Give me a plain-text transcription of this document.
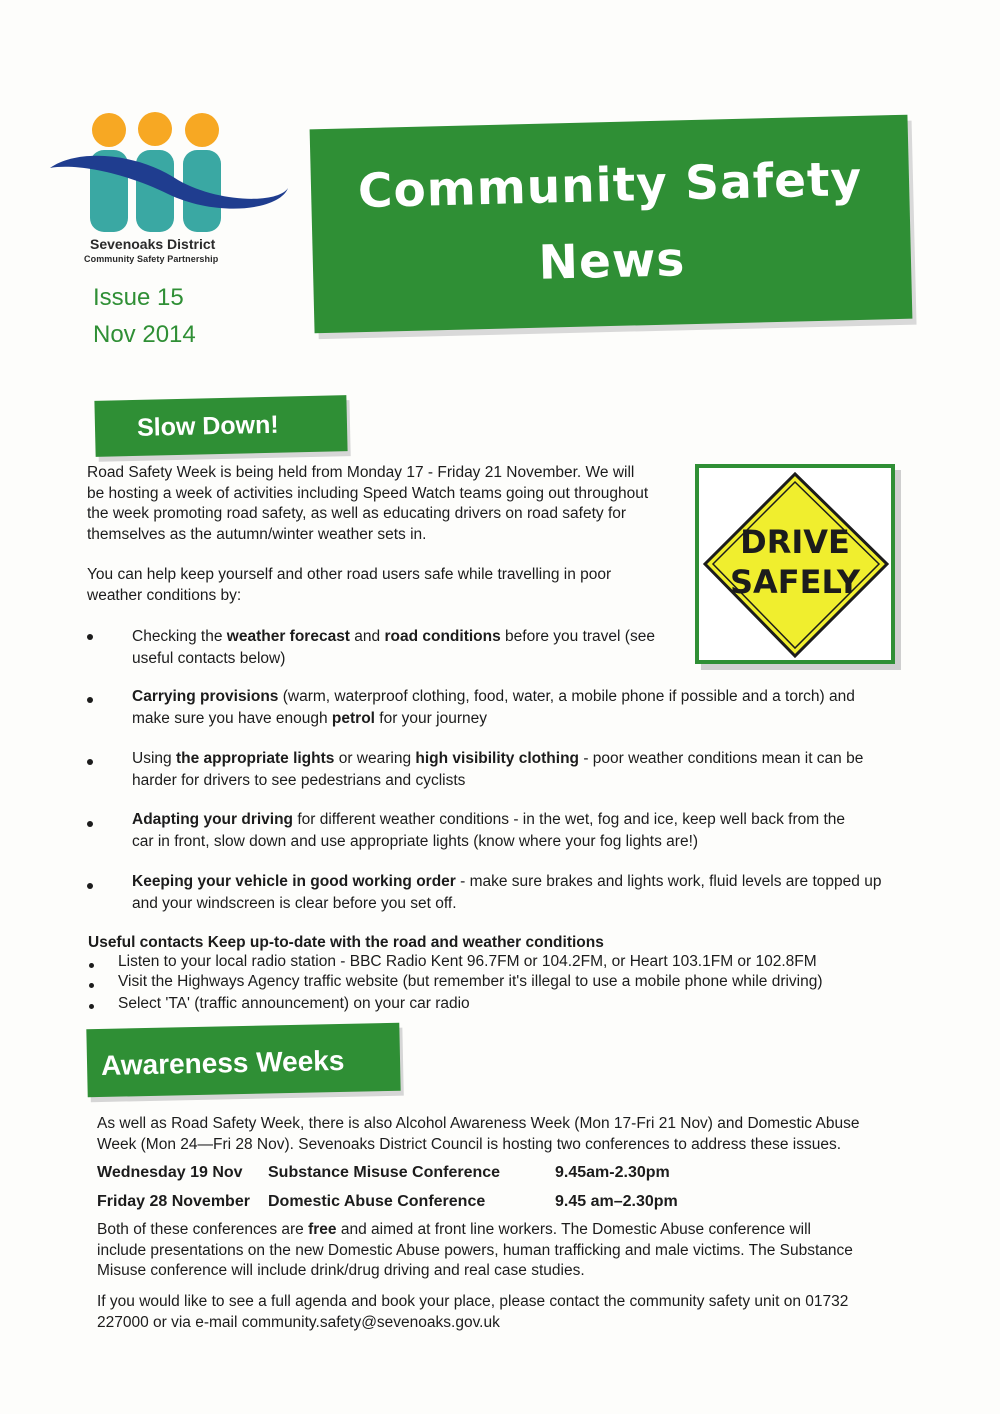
Sevenoaks District
Community Safety Partnership
Issue 15
Nov 2014
Community Safety
News
Slow Down!
Road Safety Week is being held from Monday 17 - Friday 21 November. We will
be hosting a week of activities including Speed Watch teams going out throughout
the week promoting road safety, as well as educating drivers on road safety for
themselves as the autumn/winter weather sets in.
You can help keep yourself and other road users safe while travelling in poor
weather conditions by:
DRIVE
SAFELY
Checking the weather forecast and road conditions before you travel (see
useful contacts below)
Carrying provisions (warm, waterproof clothing, food, water, a mobile phone if possible and a torch) and
make sure you have enough petrol for your journey
Using the appropriate lights or wearing high visibility clothing - poor weather conditions mean it can be
harder for drivers to see pedestrians and cyclists
Adapting your driving for different weather conditions - in the wet, fog and ice, keep well back from the
car in front, slow down and use appropriate lights (know where your fog lights are!)
Keeping your vehicle in good working order - make sure brakes and lights work, fluid levels are topped up
and your windscreen is clear before you set off.
Useful contacts Keep up-to-date with the road and weather conditions
Listen to your local radio station - BBC Radio Kent 96.7FM or 104.2FM, or Heart 103.1FM or 102.8FM
Visit the Highways Agency traffic website (but remember it's illegal to use a mobile phone while driving)
Select 'TA' (traffic announcement) on your car radio
Awareness Weeks
As well as Road Safety Week, there is also Alcohol Awareness Week (Mon 17-Fri 21 Nov) and Domestic Abuse
Week (Mon 24—Fri 28 Nov). Sevenoaks District Council is hosting two conferences to address these issues.
Wednesday 19 Nov Substance Misuse Conference	9.45am-2.30pm
Friday 28 November Domestic Abuse Conference	9.45 am–2.30pm
Both of these conferences are free and aimed at front line workers. The Domestic Abuse conference will
include presentations on the new Domestic Abuse powers, human trafficking and male victims. The Substance
Misuse conference will include drink/drug driving and real case studies.
If you would like to see a full agenda and book your place, please contact the community safety unit on 01732
227000 or via e-mail community.safety@sevenoaks.gov.uk
